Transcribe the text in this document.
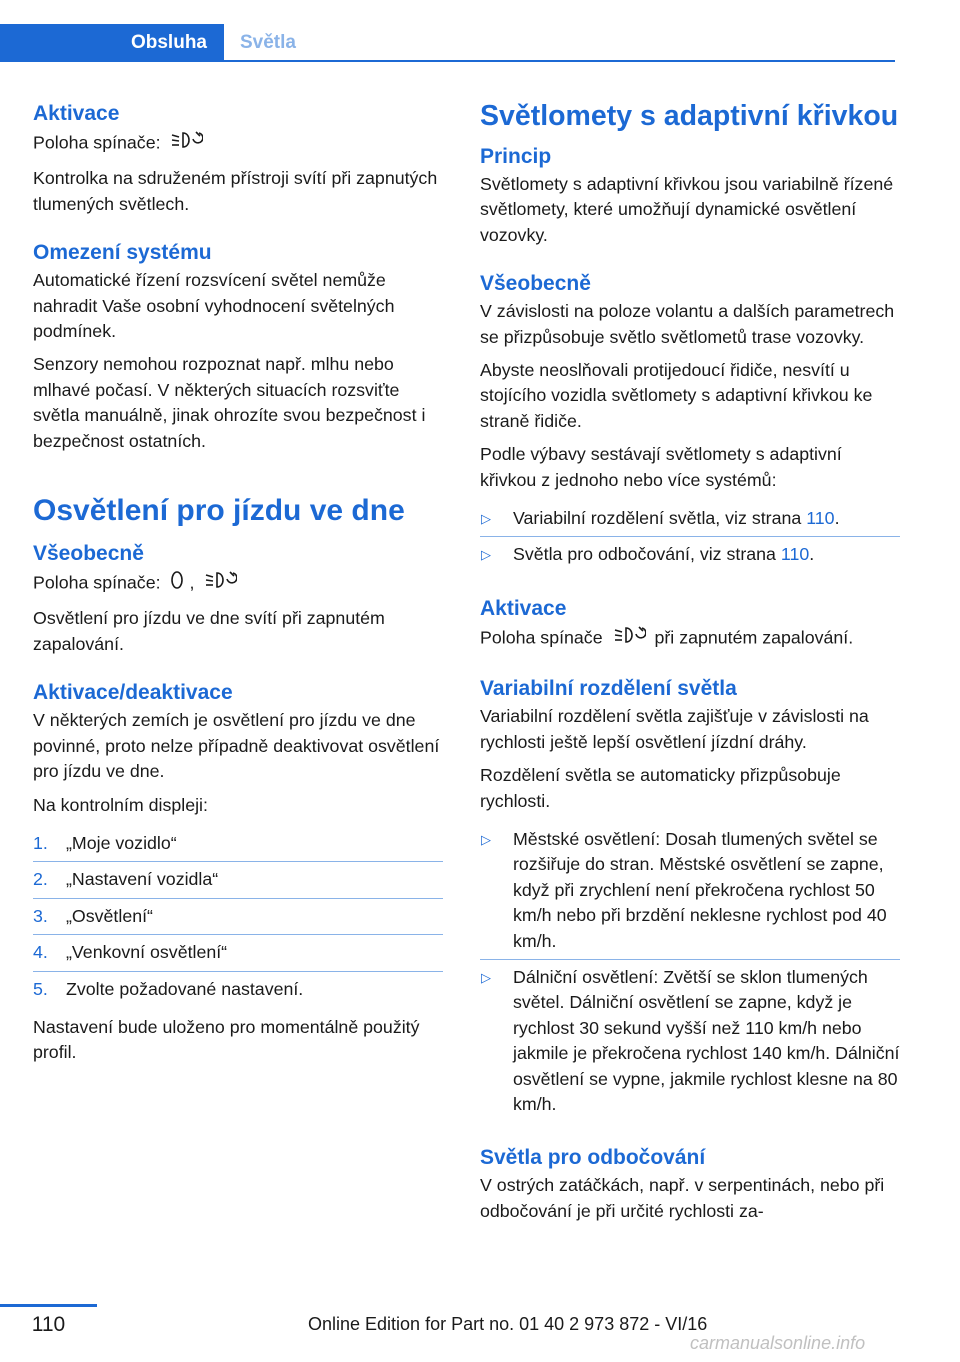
Obsluha	Světla
Aktivace
Poloha spínače:
Kontrolka na sdruženém přístroji svítí při zapnutých tlumených světlech.
Omezení systému
Automatické řízení rozsvícení světel nemůže nahradit Vaše osobní vyhodnocení světelných podmínek.
Senzory nemohou rozpoznat např. mlhu nebo mlhavé počasí. V některých situacích rozsviťte světla manuálně, jinak ohrozíte svou bezpečnost i bezpečnost ostatních.
Osvětlení pro jízdu ve dne
Všeobecně
Poloha spínače: ,
Osvětlení pro jízdu ve dne svítí při zapnutém zapalování.
Aktivace/deaktivace
V některých zemích je osvětlení pro jízdu ve dne povinné, proto nelze případně deaktivovat osvětlení pro jízdu ve dne.
Na kontrolním displeji:
1. „Moje vozidlo“
2. „Nastavení vozidla“
3. „Osvětlení“
4. „Venkovní osvětlení“
5. Zvolte požadované nastavení.
Nastavení bude uloženo pro momentálně použitý profil.
Světlomety s adaptivní křivkou
Princip
Světlomety s adaptivní křivkou jsou variabilně řízené světlomety, které umožňují dynamické osvětlení vozovky.
Všeobecně
V závislosti na poloze volantu a dalších parametrech se přizpůsobuje světlo světlometů trase vozovky.
Abyste neoslňovali protijedoucí řidiče, nesvítí u stojícího vozidla světlomety s adaptivní křivkou ke straně řidiče.
Podle výbavy sestávají světlomety s adaptivní křivkou z jednoho nebo více systémů:
▷ Variabilní rozdělení světla, viz strana 110.
▷ Světla pro odbočování, viz strana 110.
Aktivace
Poloha spínače	při zapnutém zapalování.
Variabilní rozdělení světla
Variabilní rozdělení světla zajišťuje v závislosti na rychlosti ještě lepší osvětlení jízdní dráhy.
Rozdělení světla se automaticky přizpůsobuje rychlosti.
▷ Městské osvětlení: Dosah tlumených světel se rozšiřuje do stran. Městské osvětlení se zapne, když při zrychlení není překročena rychlost 50 km/h nebo při brzdění neklesne rychlost pod 40 km/h.
▷ Dálniční osvětlení: Zvětší se sklon tlumených světel. Dálniční osvětlení se zapne, když je rychlost 30 sekund vyšší než 110 km/h nebo jakmile je překročena rychlost 140 km/h. Dálniční osvětlení se vypne, jakmile rychlost klesne na 80 km/h.
Světla pro odbočování
V ostrých zatáčkách, např. v serpentinách, nebo při odbočování je při určité rychlosti za-
110	Online Edition for Part no. 01 40 2 973 872 - VI/16
carmanualsonline.info
